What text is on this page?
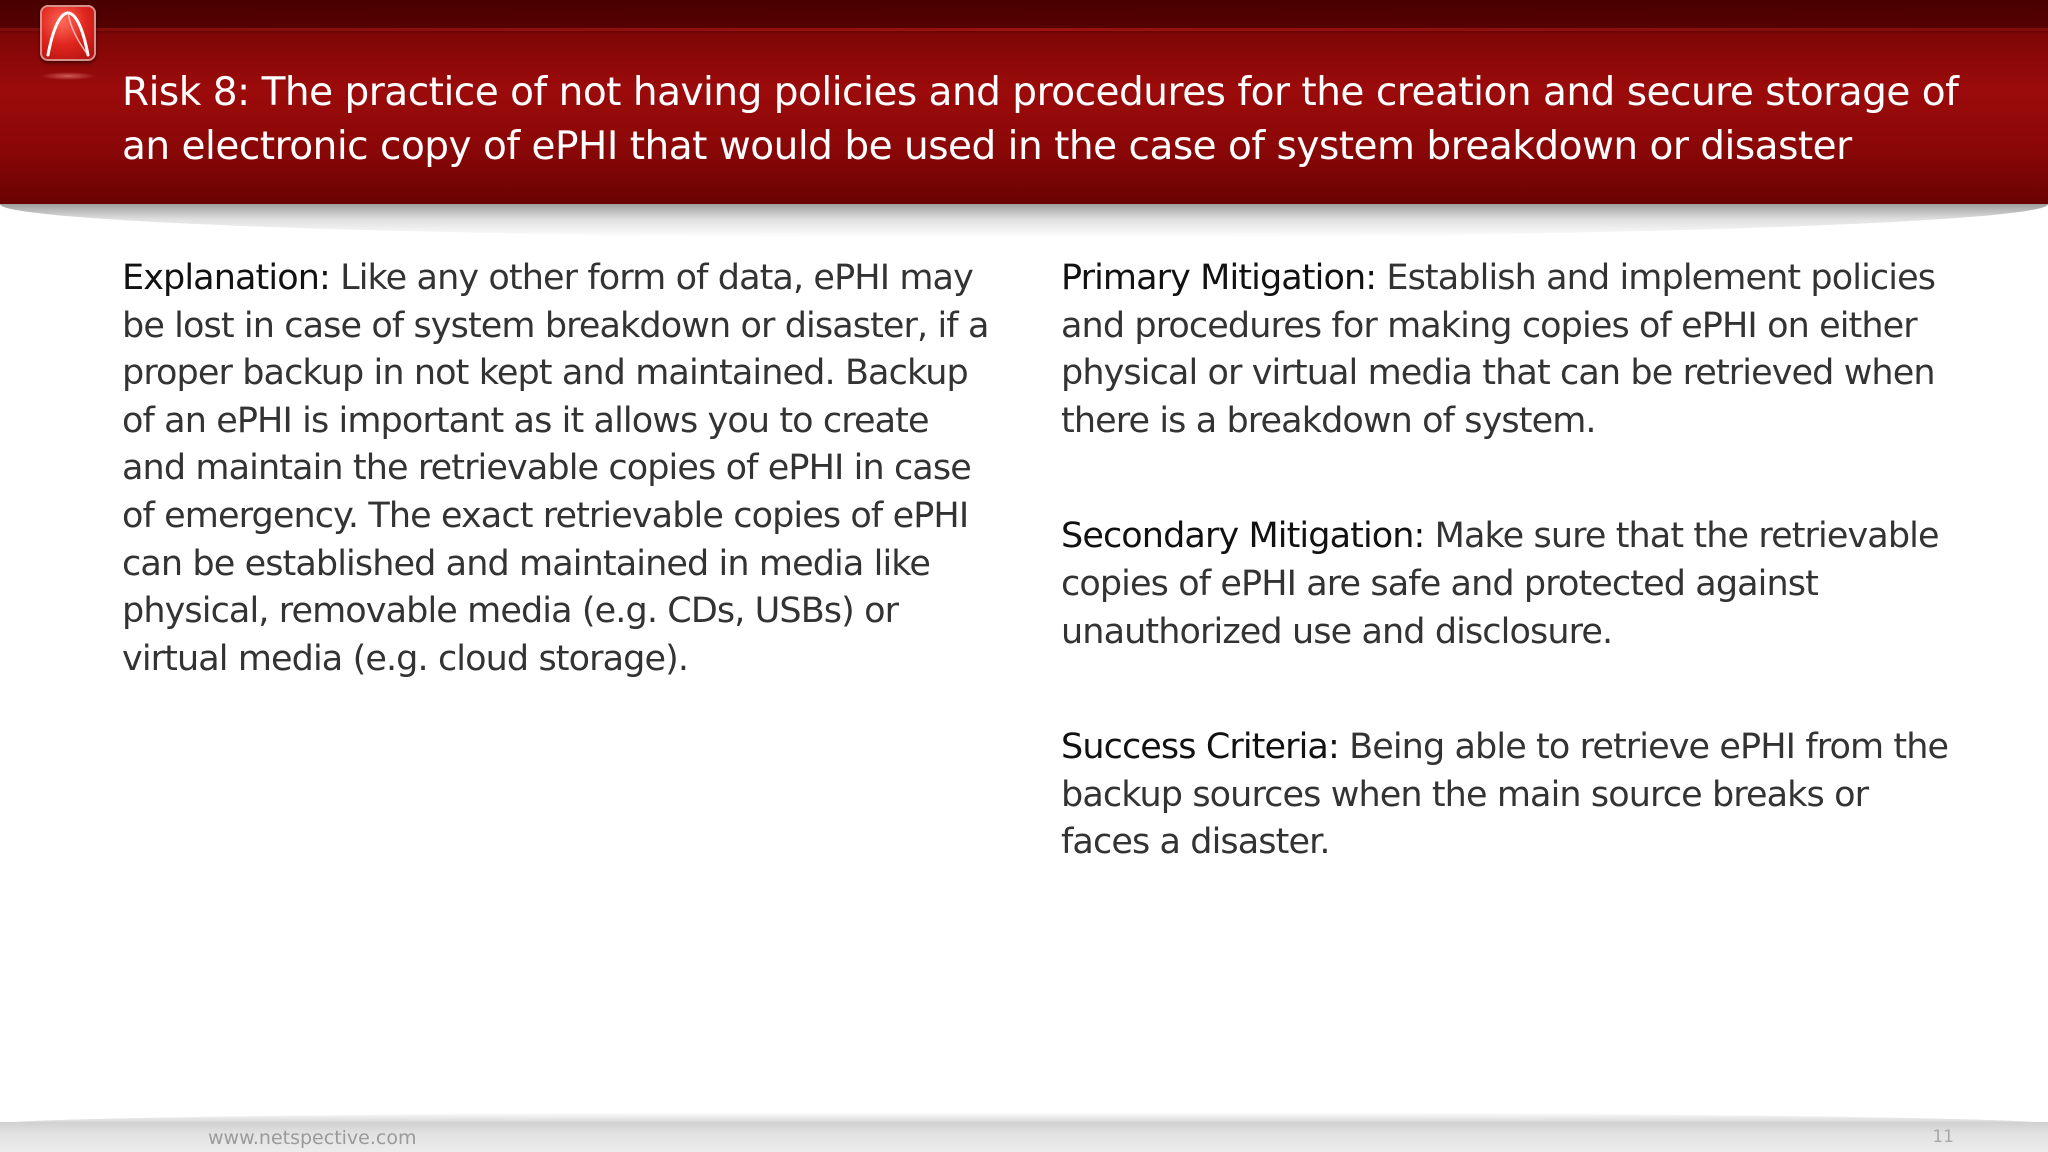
Risk 8: The practice of not having policies and procedures for the creation and secure storage of an electronic copy of ePHI that would be used in the case of system breakdown or disaster

Explanation: Like any other form of data, ePHI may be lost in case of system breakdown or disaster, if a proper backup in not kept and maintained. Backup of an ePHI is important as it allows you to create and maintain the retrievable copies of ePHI in case of emergency. The exact retrievable copies of ePHI can be established and maintained in media like physical, removable media (e.g. CDs, USBs) or virtual media (e.g. cloud storage).

Primary Mitigation: Establish and implement policies and procedures for making copies of ePHI on either physical or virtual media that can be retrieved when there is a breakdown of system.

Secondary Mitigation: Make sure that the retrievable copies of ePHI are safe and protected against unauthorized use and disclosure.

Success Criteria: Being able to retrieve ePHI from the backup sources when the main source breaks or faces a disaster.

www.netspective.com	11
